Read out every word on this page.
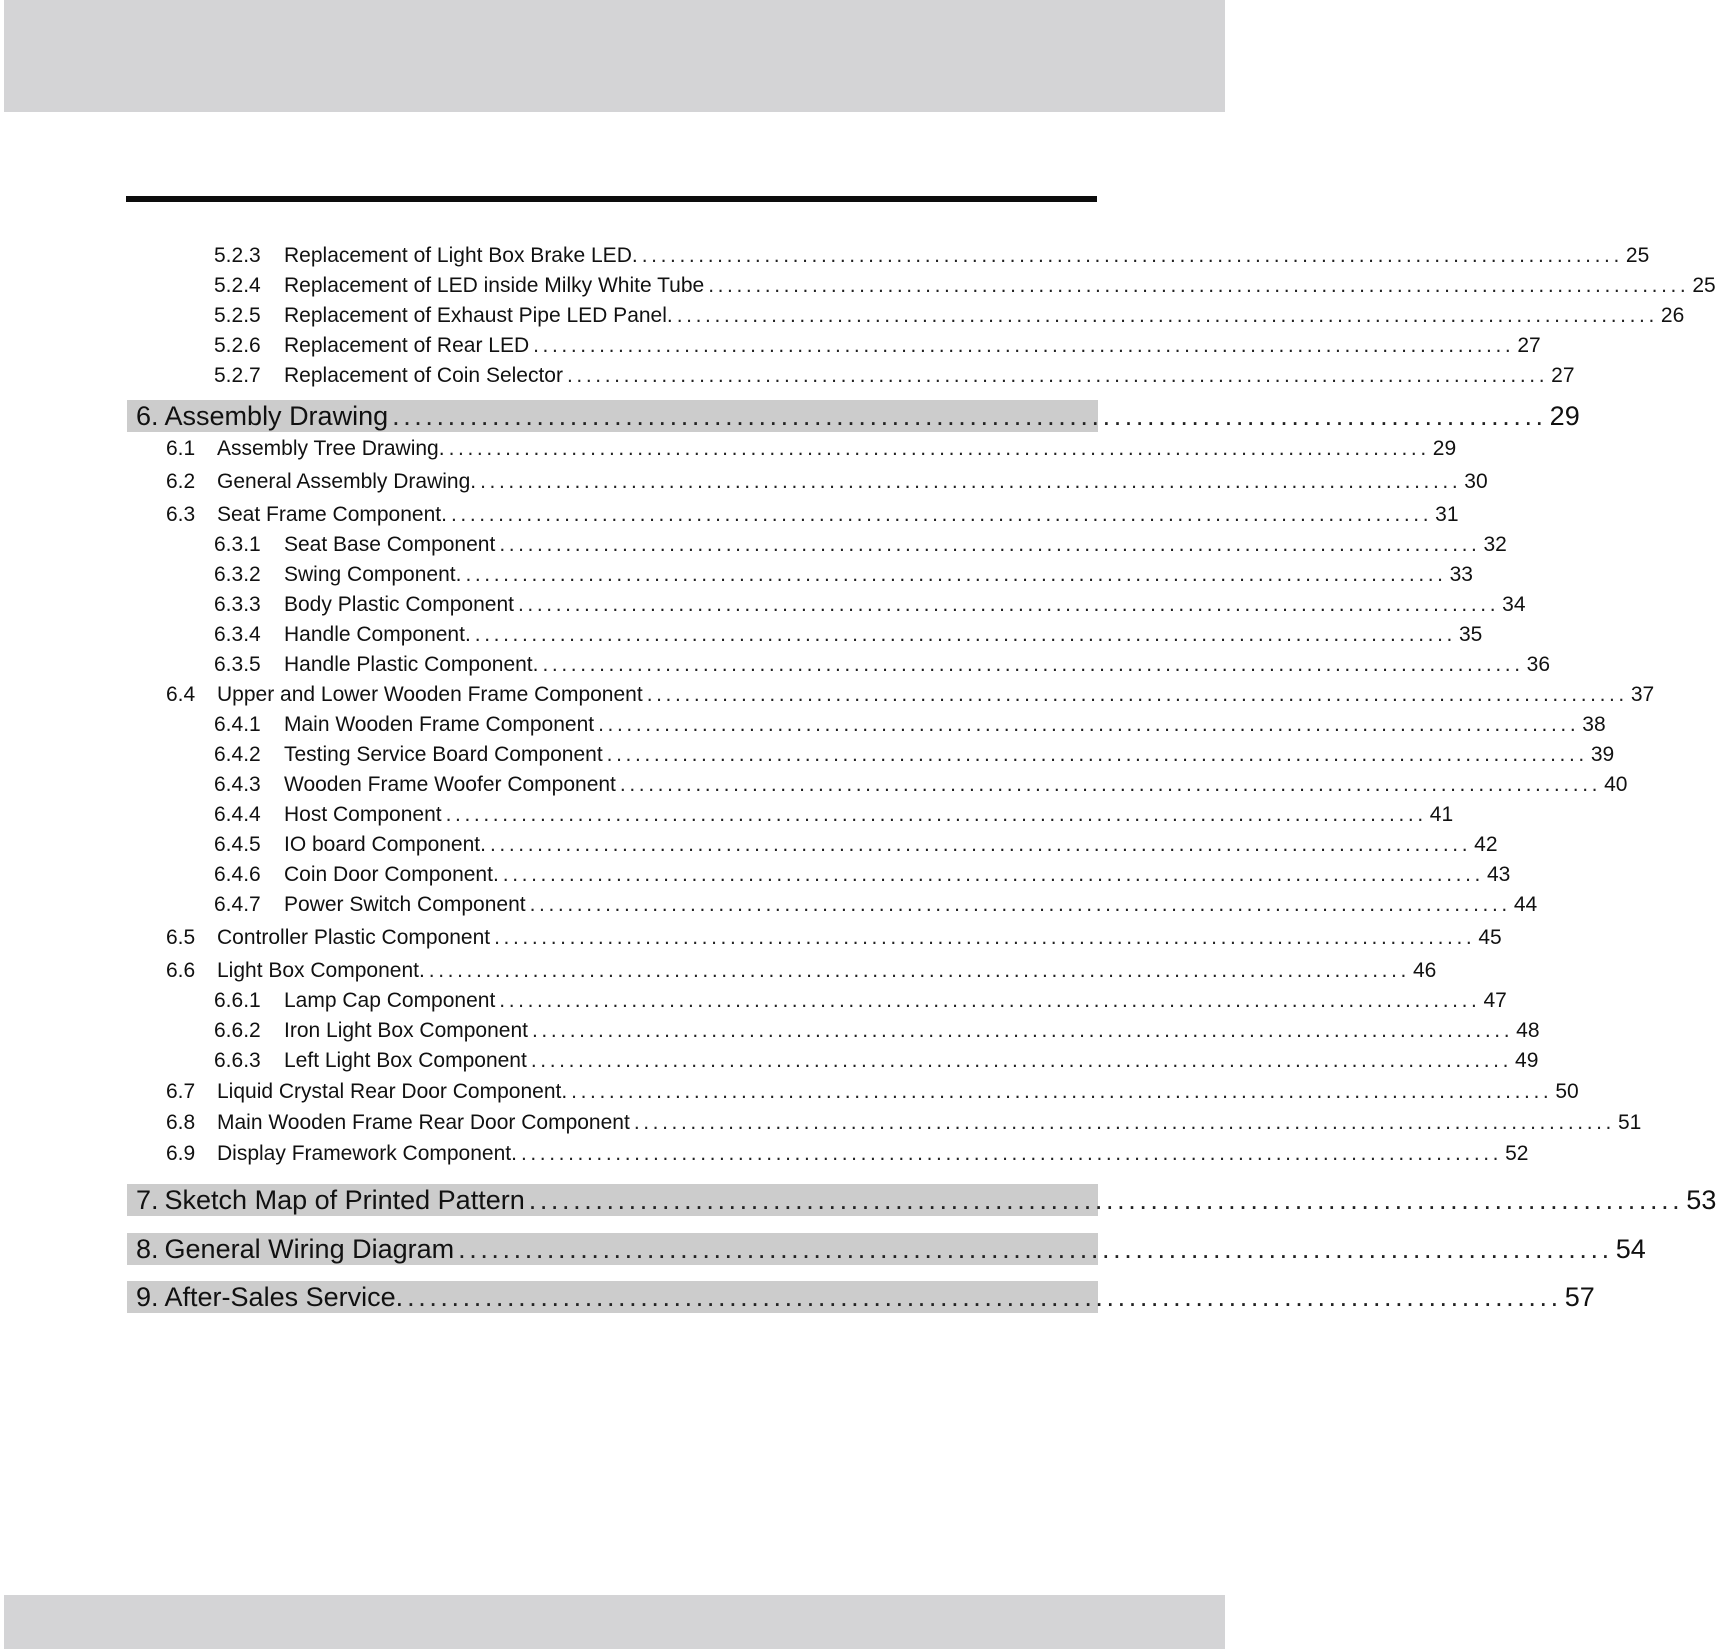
5.2.3	Replacement of Light Box Brake LED. ........................................................................................................ 25
5.2.4	Replacement of LED inside Milky White Tube ........................................................................................................ 25
5.2.5	Replacement of Exhaust Pipe LED Panel. ........................................................................................................ 26
5.2.6	Replacement of Rear LED ........................................................................................................ 27
5.2.7	Replacement of Coin Selector ........................................................................................................ 27
6. Assembly Drawing ........................................................................................................ 29
6.1	Assembly Tree Drawing. ........................................................................................................ 29
6.2	General Assembly Drawing. ........................................................................................................ 30
6.3	Seat Frame Component. ........................................................................................................ 31
6.3.1	Seat Base Component ........................................................................................................ 32
6.3.2	Swing Component. ........................................................................................................ 33
6.3.3	Body Plastic Component ........................................................................................................ 34
6.3.4	Handle Component. ........................................................................................................ 35
6.3.5	Handle Plastic Component. ........................................................................................................ 36
6.4	Upper and Lower Wooden Frame Component ........................................................................................................ 37
6.4.1	Main Wooden Frame Component ........................................................................................................ 38
6.4.2	Testing Service Board Component ........................................................................................................ 39
6.4.3	Wooden Frame Woofer Component ........................................................................................................ 40
6.4.4	Host Component ........................................................................................................ 41
6.4.5	IO board Component. ........................................................................................................ 42
6.4.6	Coin Door Component. ........................................................................................................ 43
6.4.7	Power Switch Component ........................................................................................................ 44
6.5	Controller Plastic Component ........................................................................................................ 45
6.6	Light Box Component. ........................................................................................................ 46
6.6.1	Lamp Cap Component ........................................................................................................ 47
6.6.2	Iron Light Box Component ........................................................................................................ 48
6.6.3	Left Light Box Component ........................................................................................................ 49
6.7	Liquid Crystal Rear Door Component. ........................................................................................................ 50
6.8	Main Wooden Frame Rear Door Component ........................................................................................................ 51
6.9	Display Framework Component. ........................................................................................................ 52
7. Sketch Map of Printed Pattern ........................................................................................................ 53
8. General Wiring Diagram ........................................................................................................ 54
9. After-Sales Service. ........................................................................................................ 57
